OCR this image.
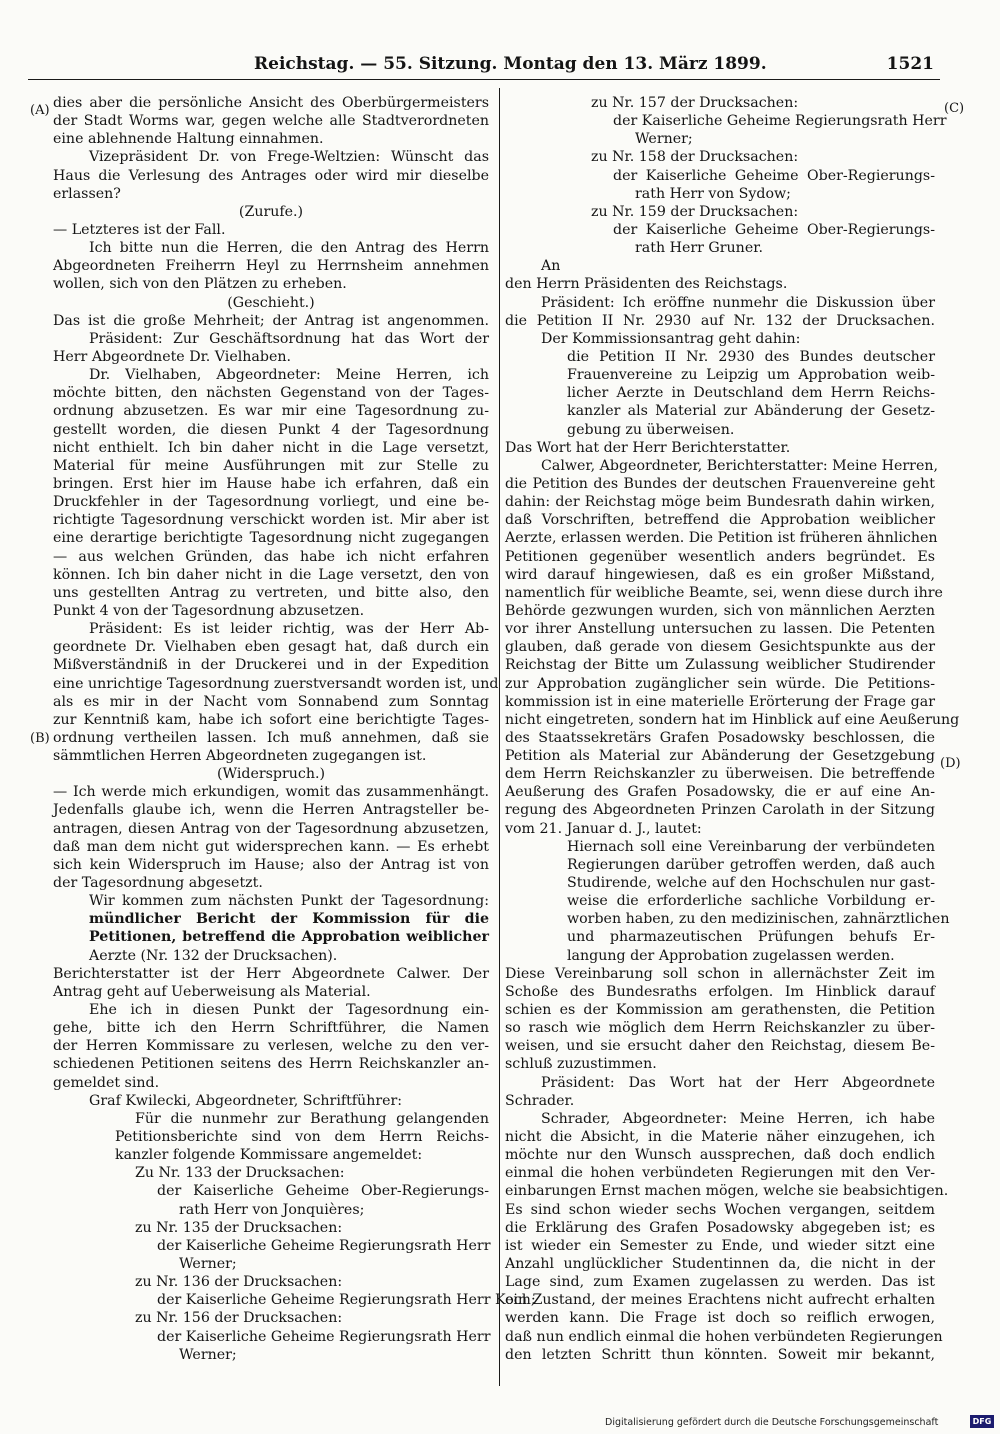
Reichstag. — 55. Sitzung. Montag den 13. März 1899.	1521
(A)
(B)
(C)
(D)
dies aber die persönliche Ansicht des Oberbürgermeisters
der Stadt Worms war, gegen welche alle Stadtverordneten
eine ablehnende Haltung einnahmen.
Vizepräsident Dr. von Frege-Weltzien: Wünscht das
Haus die Verlesung des Antrages oder wird mir dieselbe
erlassen?
(Zurufe.)
— Letzteres ist der Fall.
Ich bitte nun die Herren, die den Antrag des Herrn
Abgeordneten Freiherrn Heyl zu Herrnsheim annehmen
wollen, sich von den Plätzen zu erheben.
(Geschieht.)
Das ist die große Mehrheit; der Antrag ist angenommen.
Präsident: Zur Geschäftsordnung hat das Wort der
Herr Abgeordnete Dr. Vielhaben.
Dr. Vielhaben, Abgeordneter: Meine Herren, ich
möchte bitten, den nächsten Gegenstand von der Tages-
ordnung abzusetzen. Es war mir eine Tagesordnung zu-
gestellt worden, die diesen Punkt 4 der Tagesordnung
nicht enthielt. Ich bin daher nicht in die Lage versetzt,
Material für meine Ausführungen mit zur Stelle zu
bringen. Erst hier im Hause habe ich erfahren, daß ein
Druckfehler in der Tagesordnung vorliegt, und eine be-
richtigte Tagesordnung verschickt worden ist. Mir aber ist
eine derartige berichtigte Tagesordnung nicht zugegangen
— aus welchen Gründen, das habe ich nicht erfahren
können. Ich bin daher nicht in die Lage versetzt, den von
uns gestellten Antrag zu vertreten, und bitte also, den
Punkt 4 von der Tagesordnung abzusetzen.
Präsident: Es ist leider richtig, was der Herr Ab-
geordnete Dr. Vielhaben eben gesagt hat, daß durch ein
Mißverständniß in der Druckerei und in der Expedition
eine unrichtige Tagesordnung zuerstversandt worden ist, und
als es mir in der Nacht vom Sonnabend zum Sonntag
zur Kenntniß kam, habe ich sofort eine berichtigte Tages-
ordnung vertheilen lassen. Ich muß annehmen, daß sie
sämmtlichen Herren Abgeordneten zugegangen ist.
(Widerspruch.)
— Ich werde mich erkundigen, womit das zusammenhängt.
Jedenfalls glaube ich, wenn die Herren Antragsteller be-
antragen, diesen Antrag von der Tagesordnung abzusetzen,
daß man dem nicht gut widersprechen kann. — Es erhebt
sich kein Widerspruch im Hause; also der Antrag ist von
der Tagesordnung abgesetzt.
Wir kommen zum nächsten Punkt der Tagesordnung:
mündlicher Bericht der Kommission für die
Petitionen, betreffend die Approbation weiblicher
Aerzte (Nr. 132 der Drucksachen).
Berichterstatter ist der Herr Abgeordnete Calwer. Der
Antrag geht auf Ueberweisung als Material.
Ehe ich in diesen Punkt der Tagesordnung ein-
gehe, bitte ich den Herrn Schriftführer, die Namen
der Herren Kommissare zu verlesen, welche zu den ver-
schiedenen Petitionen seitens des Herrn Reichskanzler an-
gemeldet sind.
Graf Kwilecki, Abgeordneter, Schriftführer:
Für die nunmehr zur Berathung gelangenden
Petitionsberichte sind von dem Herrn Reichs-
kanzler folgende Kommissare angemeldet:
Zu Nr. 133 der Drucksachen:
der Kaiserliche Geheime Ober-Regierungs-
rath Herr von Jonquières;
zu Nr. 135 der Drucksachen:
der Kaiserliche Geheime Regierungsrath Herr
Werner;
zu Nr. 136 der Drucksachen:
der Kaiserliche Geheime Regierungsrath Herr Koch;
zu Nr. 156 der Drucksachen:
der Kaiserliche Geheime Regierungsrath Herr
Werner;
zu Nr. 157 der Drucksachen:
der Kaiserliche Geheime Regierungsrath Herr
Werner;
zu Nr. 158 der Drucksachen:
der Kaiserliche Geheime Ober-Regierungs-
rath Herr von Sydow;
zu Nr. 159 der Drucksachen:
der Kaiserliche Geheime Ober-Regierungs-
rath Herr Gruner.
An
den Herrn Präsidenten des Reichstags.
Präsident: Ich eröffne nunmehr die Diskussion über
die Petition II Nr. 2930 auf Nr. 132 der Drucksachen.
Der Kommissionsantrag geht dahin:
die Petition II Nr. 2930 des Bundes deutscher
Frauenvereine zu Leipzig um Approbation weib-
licher Aerzte in Deutschland dem Herrn Reichs-
kanzler als Material zur Abänderung der Gesetz-
gebung zu überweisen.
Das Wort hat der Herr Berichterstatter.
Calwer, Abgeordneter, Berichterstatter: Meine Herren,
die Petition des Bundes der deutschen Frauenvereine geht
dahin: der Reichstag möge beim Bundesrath dahin wirken,
daß Vorschriften, betreffend die Approbation weiblicher
Aerzte, erlassen werden. Die Petition ist früheren ähnlichen
Petitionen gegenüber wesentlich anders begründet. Es
wird darauf hingewiesen, daß es ein großer Mißstand,
namentlich für weibliche Beamte, sei, wenn diese durch ihre
Behörde gezwungen wurden, sich von männlichen Aerzten
vor ihrer Anstellung untersuchen zu lassen. Die Petenten
glauben, daß gerade von diesem Gesichtspunkte aus der
Reichstag der Bitte um Zulassung weiblicher Studirender
zur Approbation zugänglicher sein würde. Die Petitions-
kommission ist in eine materielle Erörterung der Frage gar
nicht eingetreten, sondern hat im Hinblick auf eine Aeußerung
des Staatssekretärs Grafen Posadowsky beschlossen, die
Petition als Material zur Abänderung der Gesetzgebung
dem Herrn Reichskanzler zu überweisen. Die betreffende
Aeußerung des Grafen Posadowsky, die er auf eine An-
regung des Abgeordneten Prinzen Carolath in der Sitzung
vom 21. Januar d. J., lautet:
Hiernach soll eine Vereinbarung der verbündeten
Regierungen darüber getroffen werden, daß auch
Studirende, welche auf den Hochschulen nur gast-
weise die erforderliche sachliche Vorbildung er-
worben haben, zu den medizinischen, zahnärztlichen
und pharmazeutischen Prüfungen behufs Er-
langung der Approbation zugelassen werden.
Diese Vereinbarung soll schon in allernächster Zeit im
Schoße des Bundesraths erfolgen. Im Hinblick darauf
schien es der Kommission am gerathensten, die Petition
so rasch wie möglich dem Herrn Reichskanzler zu über-
weisen, und sie ersucht daher den Reichstag, diesem Be-
schluß zuzustimmen.
Präsident: Das Wort hat der Herr Abgeordnete
Schrader.
Schrader, Abgeordneter: Meine Herren, ich habe
nicht die Absicht, in die Materie näher einzugehen, ich
möchte nur den Wunsch aussprechen, daß doch endlich
einmal die hohen verbündeten Regierungen mit den Ver-
einbarungen Ernst machen mögen, welche sie beabsichtigen.
Es sind schon wieder sechs Wochen vergangen, seitdem
die Erklärung des Grafen Posadowsky abgegeben ist; es
ist wieder ein Semester zu Ende, und wieder sitzt eine
Anzahl unglücklicher Studentinnen da, die nicht in der
Lage sind, zum Examen zugelassen zu werden. Das ist
ein Zustand, der meines Erachtens nicht aufrecht erhalten
werden kann. Die Frage ist doch so reiflich erwogen,
daß nun endlich einmal die hohen verbündeten Regierungen
den letzten Schritt thun könnten. Soweit mir bekannt,
Digitalisierung gefördert durch die Deutsche Forschungsgemeinschaft	DFG
